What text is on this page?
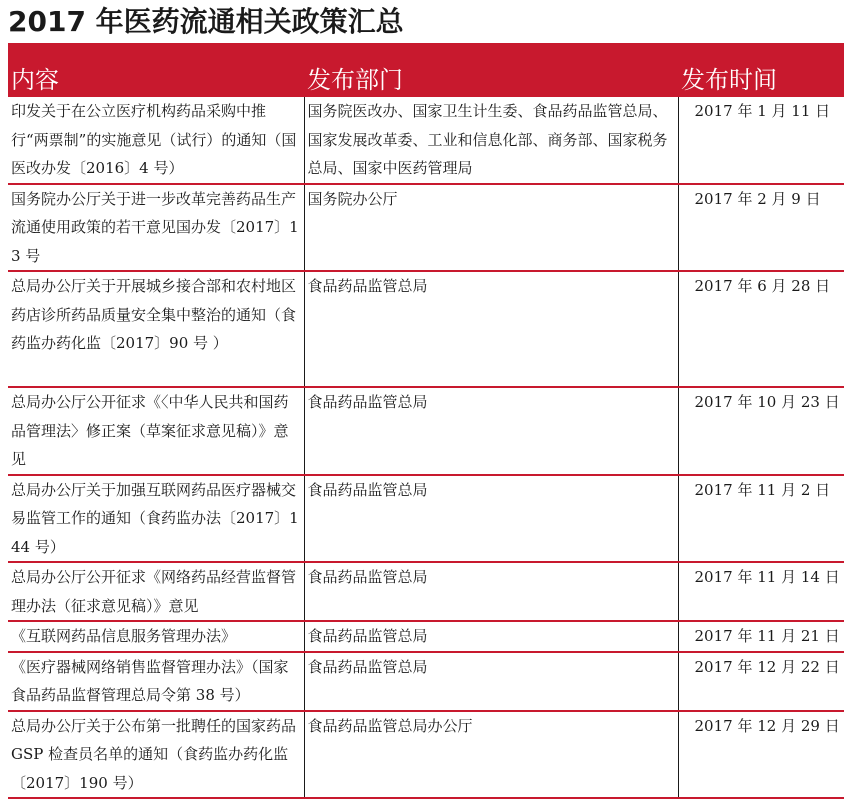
2017 年医药流通相关政策汇总
内容	发布部门	发布时间
印发关于在公立医疗机构药品采购中推行“两票制”的实施意见（试行）的通知（国医改办发〔2016〕4 号）	国务院医改办、国家卫生计生委、食品药品监管总局、国家发展改革委、工业和信息化部、商务部、国家税务总局、国家中医药管理局	2017 年 1 月 11 日
国务院办公厅关于进一步改革完善药品生产流通使用政策的若干意见国办发〔2017〕13 号	国务院办公厅	2017 年 2 月 9 日
总局办公厅关于开展城乡接合部和农村地区药店诊所药品质量安全集中整治的通知（食药监办药化监〔2017〕90 号 ）	食品药品监管总局	2017 年 6 月 28 日
总局办公厅公开征求《〈中华人民共和国药品管理法〉修正案（草案征求意见稿）》意见	食品药品监管总局	2017 年 10 月 23 日
总局办公厅关于加强互联网药品医疗器械交易监管工作的通知（食药监办法〔2017〕144 号）	食品药品监管总局	2017 年 11 月 2 日
总局办公厅公开征求《网络药品经营监督管理办法（征求意见稿）》意见	食品药品监管总局	2017 年 11 月 14 日
《互联网药品信息服务管理办法》	食品药品监管总局	2017 年 11 月 21 日
《医疗器械网络销售监督管理办法》（国家食品药品监督管理总局令第 38 号）	食品药品监管总局	2017 年 12 月 22 日
总局办公厅关于公布第一批聘任的国家药品 GSP 检查员名单的通知（食药监办药化监〔2017〕190 号）	食品药品监管总局办公厅	2017 年 12 月 29 日
